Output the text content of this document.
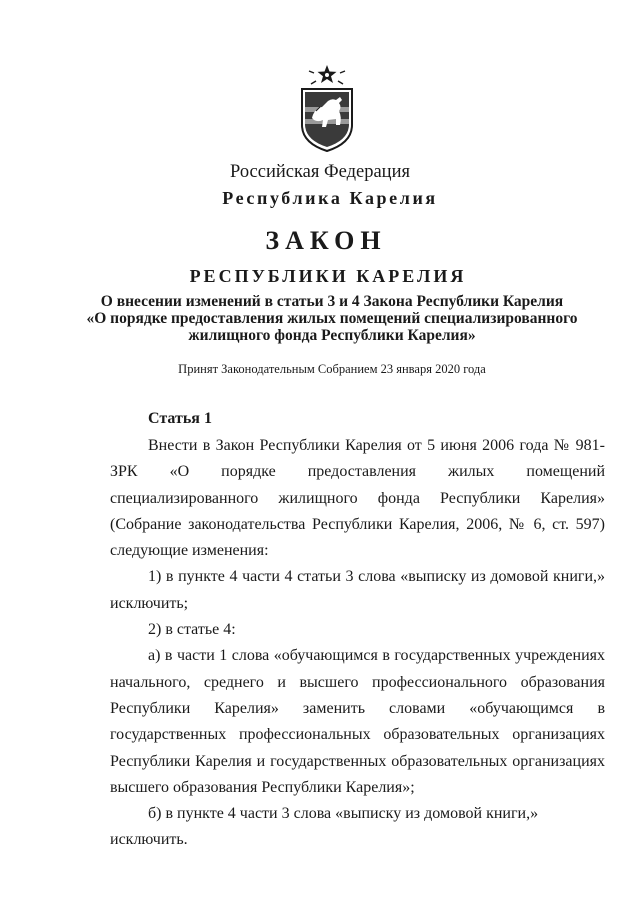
Российская Федерация
Республика Карелия
ЗАКОН
РЕСПУБЛИКИ КАРЕЛИЯ
О внесении изменений в статьи 3 и 4 Закона Республики Карелия
«О порядке предоставления жилых помещений специализированного
жилищного фонда Республики Карелия»
Принят Законодательным Собранием 23 января 2020 года
Статья 1

Внести в Закон Республики Карелия от 5 июня 2006 года № 981-ЗРК «О порядке предоставления жилых помещений специализированного жилищного фонда Республики Карелия» (Собрание законодательства Республики Карелия, 2006, № 6, ст. 597) следующие изменения:

1) в пункте 4 части 4 статьи 3 слова «выписку из домовой книги,» исключить;

2) в статье 4:

а) в части 1 слова «обучающимся в государственных учреждениях начального, среднего и высшего профессионального образования Республики Карелия» заменить словами «обучающимся в государственных профессиональных образовательных организациях Республики Карелия и государственных образовательных организациях высшего образования Республики Карелия»;

б) в пункте 4 части 3 слова «выписку из домовой книги,» исключить.
